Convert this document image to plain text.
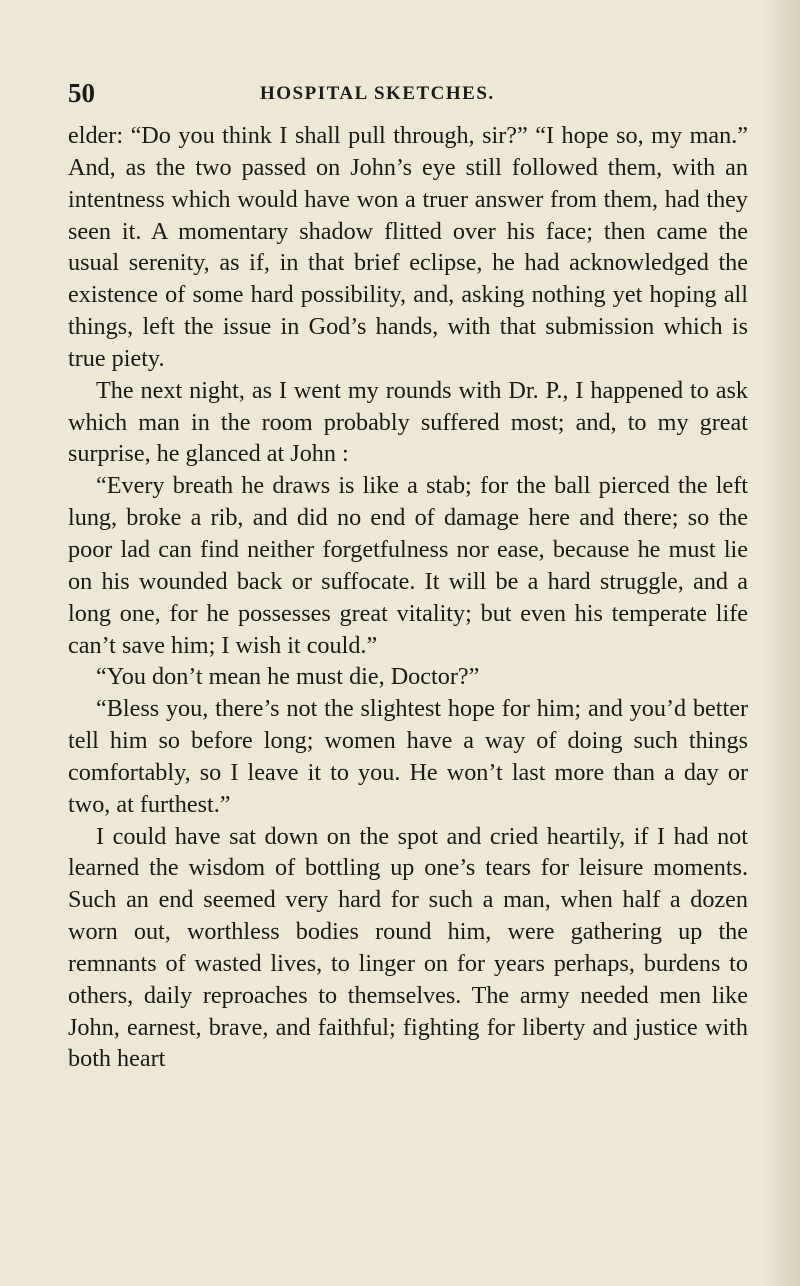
50	HOSPITAL SKETCHES.

elder: “Do you think I shall pull through, sir?” “I hope so, my man.” And, as the two passed on John’s eye still followed them, with an intentness which would have won a truer answer from them, had they seen it. A momentary shadow flitted over his face; then came the usual serenity, as if, in that brief eclipse, he had acknowledged the existence of some hard possibility, and, asking nothing yet hoping all things, left the issue in God’s hands, with that submission which is true piety.

The next night, as I went my rounds with Dr. P., I happened to ask which man in the room probably suffered most; and, to my great surprise, he glanced at John :

“Every breath he draws is like a stab; for the ball pierced the left lung, broke a rib, and did no end of damage here and there; so the poor lad can find neither forgetfulness nor ease, because he must lie on his wounded back or suffocate. It will be a hard struggle, and a long one, for he possesses great vitality; but even his temperate life can’t save him; I wish it could.”

“You don’t mean he must die, Doctor?”

“Bless you, there’s not the slightest hope for him; and you’d better tell him so before long; women have a way of doing such things comfortably, so I leave it to you. He won’t last more than a day or two, at furthest.”

I could have sat down on the spot and cried heartily, if I had not learned the wisdom of bottling up one’s tears for leisure moments. Such an end seemed very hard for such a man, when half a dozen worn out, worthless bodies round him, were gathering up the remnants of wasted lives, to linger on for years perhaps, burdens to others, daily reproaches to themselves. The army needed men like John, earnest, brave, and faithful; fighting for liberty and justice with both heart
